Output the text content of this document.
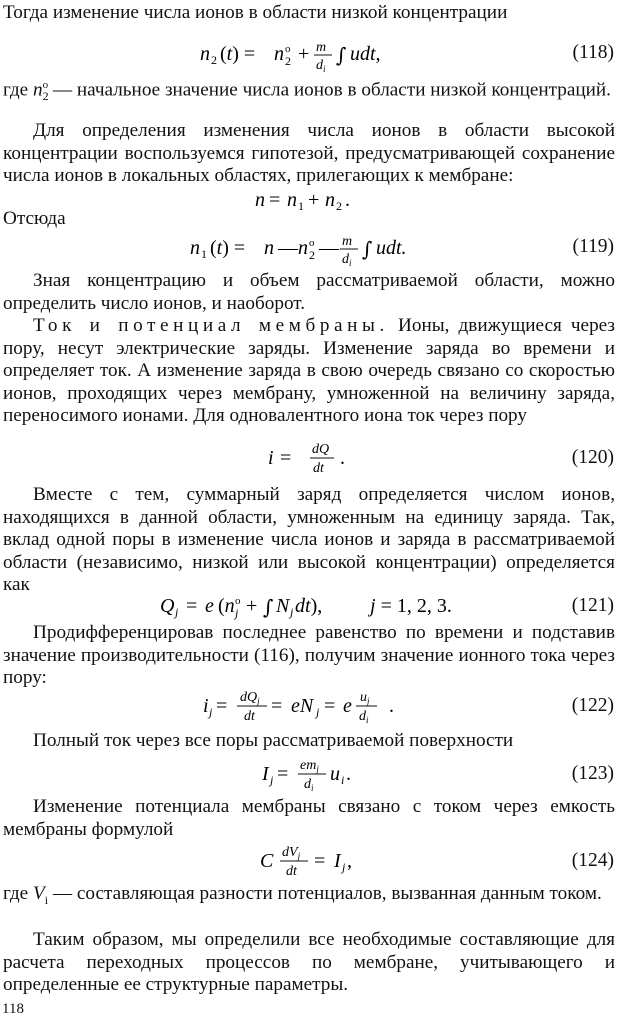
Тогда изменение числа ионов в области низкой концентрации

n 2 (t) = n o
2 + m
$d_i$
∫ udt,	(118)

где $n_2^o$ — начальное значение числа ионов в области низкой концентраций.

Для определения изменения числа ионов в области высокой концентрации воспользуемся гипотезой, предусматривающей сохранение числа ионов в локальных областях, прилегающих к мембране:

n = n 1 + n 2 .

Отсюда

n 1 (t) = n — n o
2 — m
$d_i$
∫ udt.	(119)

Зная концентрацию и объем рассматриваемой области, можно определить число ионов, и наоборот.

Ток и потенциал мембраны. Ионы, движущиеся через пору, несут электрические заряды. Изменение заряда во времени и определяет ток. А изменение заряда в свою очередь связано со скоростью ионов, проходящих через мембрану, умноженной на величину заряда, переносимого ионами. Для одновалентного иона ток через пору

i = dQ
dt .	(120)

Вместе с тем, суммарный заряд определяется числом ионов, находящихся в данной области, умноженным на единицу заряда. Так, вклад одной поры в изменение числа ионов и заряда в рассматриваемой области (независимо, низкой или высокой концентрации) определяется как

Q j = e (n o
j + ∫ N j dt), j = 1, 2, 3.	(121)

Продифференцировав последнее равенство по времени и подставив значение производительности (116), получим значение ионного тока через пору:

i $j = dQ_j$
dt = eN j = e $u_j$
$d_i$
.	(122)

Полный ток через все поры рассматриваемой поверхности

I $j = em_j$
$d_i$
u i .	(123)

Изменение потенциала мембраны связано с током через емкость мембраны формулой

C $dV_j$
dt = I j ,	(124)

где $V_i$ — составляющая разности потенциалов, вызванная данным током.

Таким образом, мы определили все необходимые составляющие для расчета переходных процессов по мембране, учитывающего и определенные ее структурные параметры.

118
